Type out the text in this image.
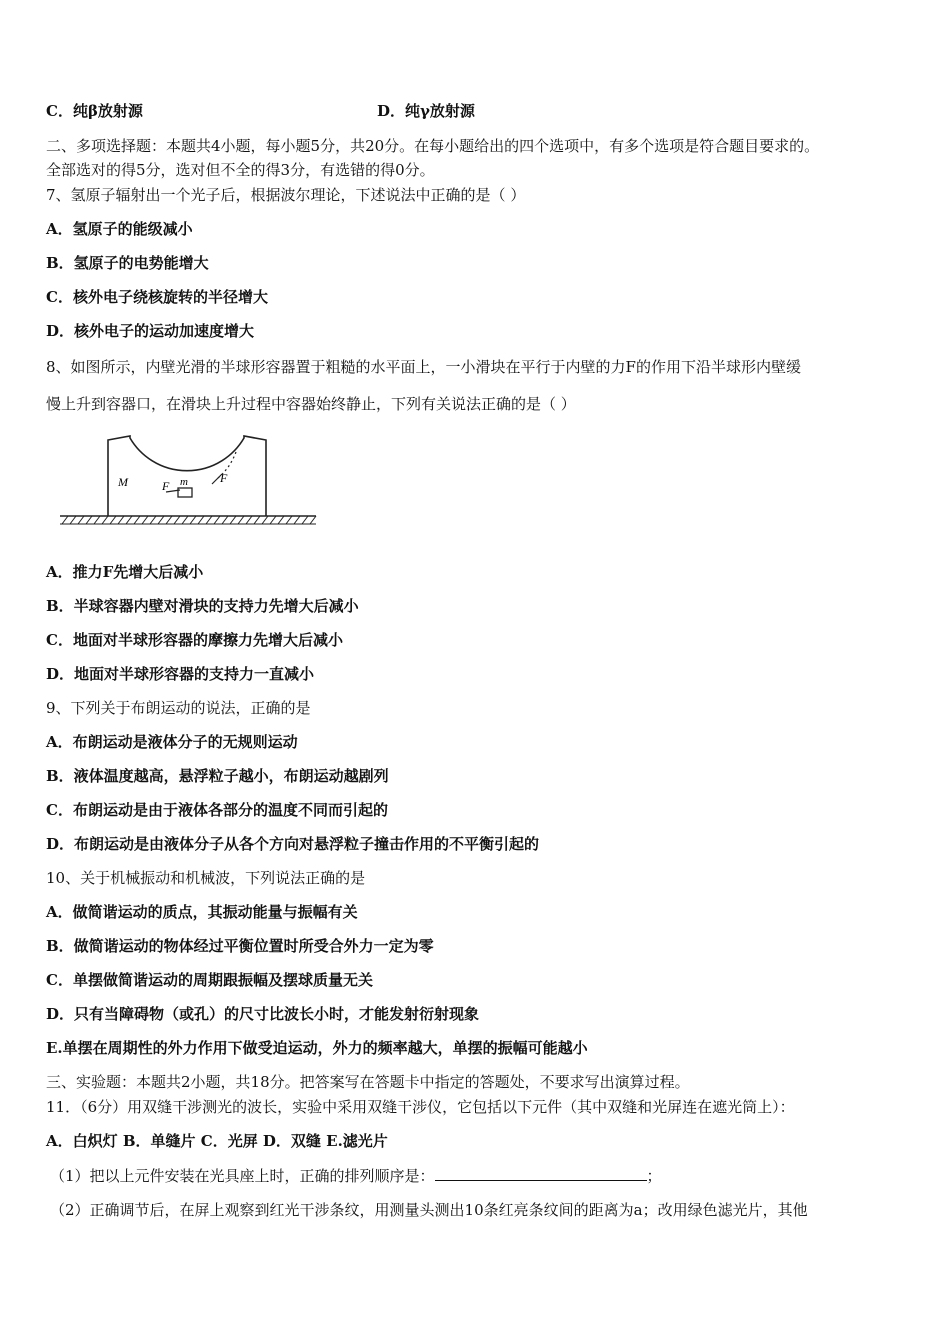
C．纯β放射源	D．纯γ放射源
二、多项选择题：本题共4小题，每小题5分，共20分。在每小题给出的四个选项中，有多个选项是符合题目要求的。
全部选对的得5分，选对但不全的得3分，有选错的得0分。
7、氢原子辐射出一个光子后，根据波尔理论，下述说法中正确的是（ ）
A．氢原子的能级减小
B．氢原子的电势能增大
C．核外电子绕核旋转的半径增大
D．核外电子的运动加速度增大
8、如图所示，内壁光滑的半球形容器置于粗糙的水平面上，一小滑块在平行于内壁的力F的作用下沿半球形内壁缓
慢上升到容器口，在滑块上升过程中容器始终静止，下列有关说法正确的是（ ）
M	F m	F
A．推力F先增大后减小
B．半球容器内壁对滑块的支持力先增大后减小
C．地面对半球形容器的摩擦力先增大后减小
D．地面对半球形容器的支持力一直减小
9、下列关于布朗运动的说法，正确的是
A．布朗运动是液体分子的无规则运动
B．液体温度越高，悬浮粒子越小，布朗运动越剧列
C．布朗运动是由于液体各部分的温度不同而引起的
D．布朗运动是由液体分子从各个方向对悬浮粒子撞击作用的不平衡引起的
10、关于机械振动和机械波，下列说法正确的是
A．做简谐运动的质点，其振动能量与振幅有关
B．做简谐运动的物体经过平衡位置时所受合外力一定为零
C．单摆做简谐运动的周期跟振幅及摆球质量无关
D．只有当障碍物（或孔）的尺寸比波长小时，才能发射衍射现象
E.单摆在周期性的外力作用下做受迫运动，外力的频率越大，单摆的振幅可能越小
三、实验题：本题共2小题，共18分。把答案写在答题卡中指定的答题处，不要求写出演算过程。
11．（6分）用双缝干涉测光的波长，实验中采用双缝干涉仪，它包括以下元件（其中双缝和光屏连在遮光筒上）：
A．白炽灯 B．单缝片 C．光屏 D．双缝 E.滤光片
（1）把以上元件安装在光具座上时，正确的排列顺序是：	；
（2）正确调节后，在屏上观察到红光干涉条纹，用测量头测出10条红亮条纹间的距离为a；改用绿色滤光片，其他
